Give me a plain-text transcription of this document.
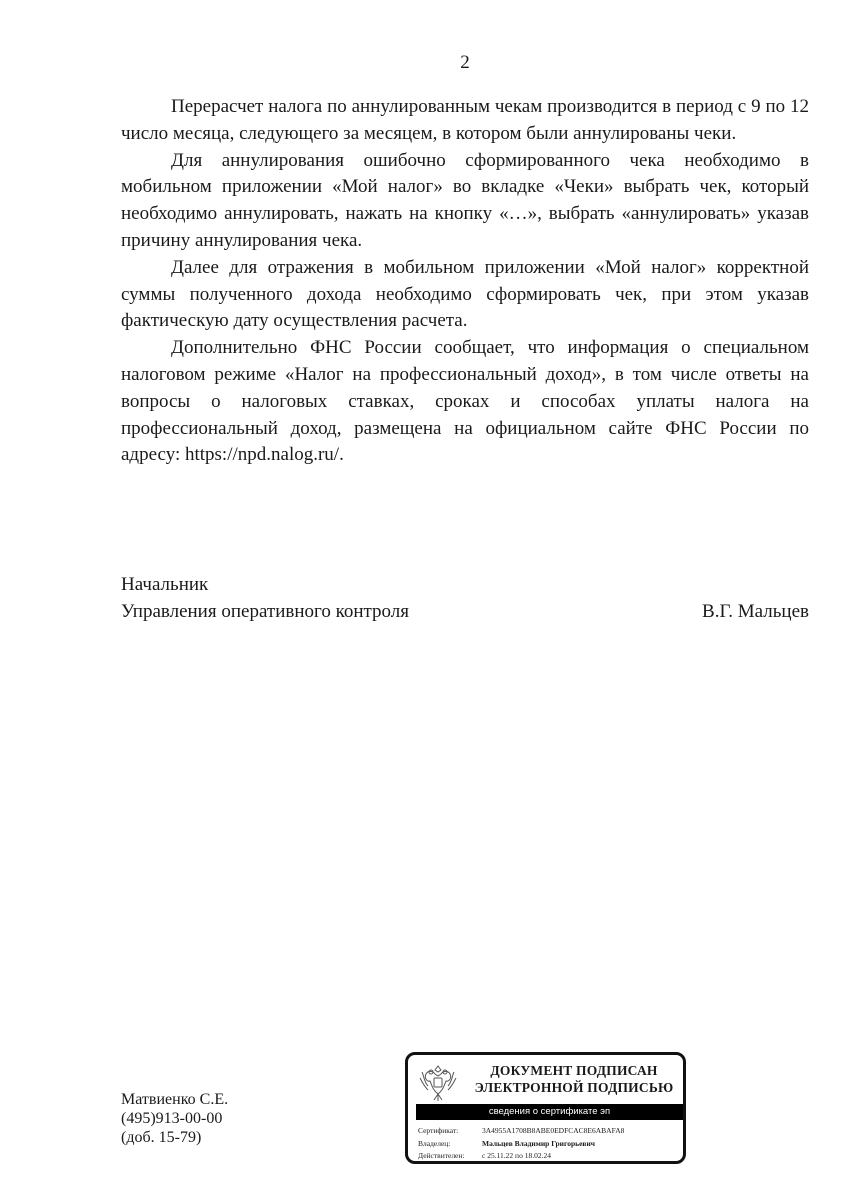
2

Перерасчет налога по аннулированным чекам производится в период с 9 по 12 число месяца, следующего за месяцем, в котором были аннулированы чеки.

Для аннулирования ошибочно сформированного чека необходимо в мобильном приложении «Мой налог» во вкладке «Чеки» выбрать чек, который необходимо аннулировать, нажать на кнопку «…», выбрать «аннулировать» указав причину аннулирования чека.

Далее для отражения в мобильном приложении «Мой налог» корректной суммы полученного дохода необходимо сформировать чек, при этом указав фактическую дату осуществления расчета.

Дополнительно ФНС России сообщает, что информация о специальном налоговом режиме «Налог на профессиональный доход», в том числе ответы на вопросы о налоговых ставках, сроках и способах уплаты налога на профессиональный доход, размещена на официальном сайте ФНС России по адресу: https://npd.nalog.ru/.

Начальник
Управления оперативного контроля	В.Г. Мальцев
Матвиенко С.Е.
(495)913-00-00
(доб. 15-79)
ДОКУМЕНТ ПОДПИСАН
ЭЛЕКТРОННОЙ ПОДПИСЬЮ
сведения о сертификате эп
Сертификат:	3A4955A1708B8ABE0EDFCAC8E6ABAFA8
Владелец:	Мальцев Владимир Григорьевич
Действителен:	с 25.11.22 по 18.02.24
